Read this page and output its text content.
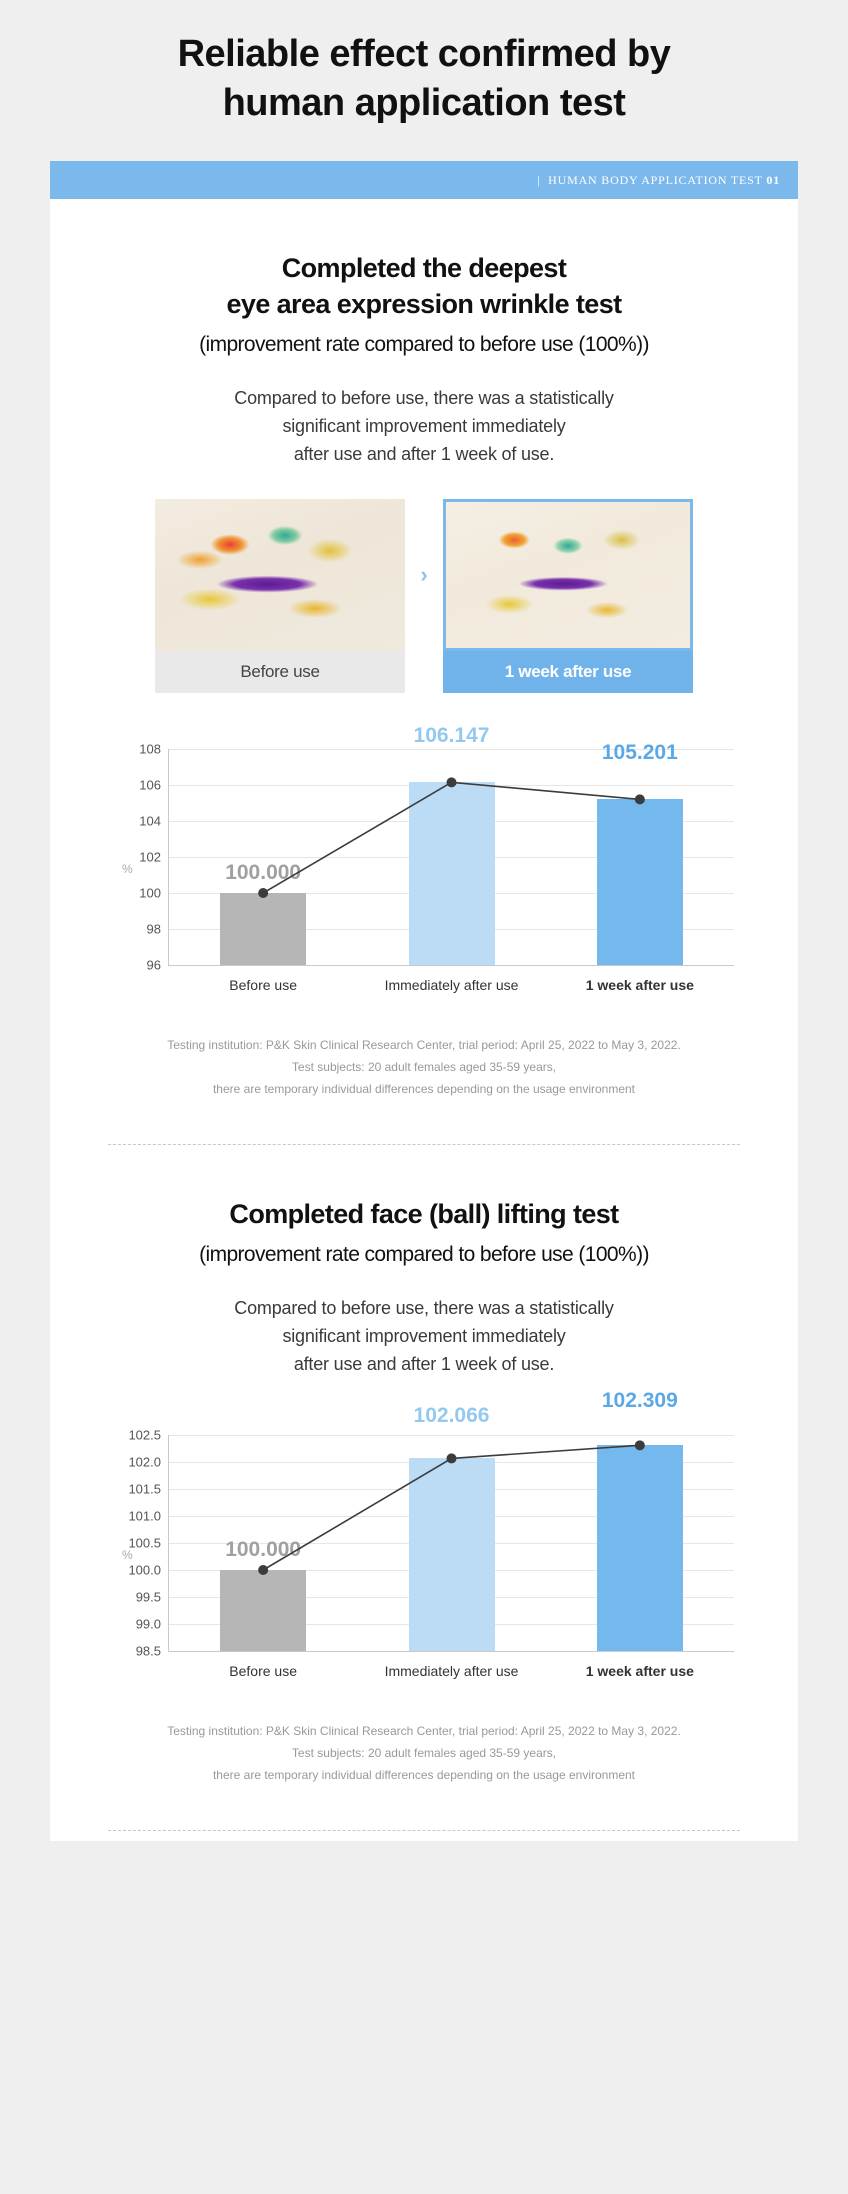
Reliable effect confirmed by
human application test
| HUMAN BODY APPLICATION TEST 01
Completed the deepest
eye area expression wrinkle test
(improvement rate compared to before use (100%))
Compared to before use, there was a statistically
significant improvement immediately
after use and after 1 week of use.
Before use
›
1 week after use
%
96
98
100
102
104
106
108
100.000
Before use
106.147
Immediately after use
105.201
1 week after use
Testing institution: P&K Skin Clinical Research Center, trial period: April 25, 2022 to May 3, 2022.
Test subjects: 20 adult females aged 35-59 years,
there are temporary individual differences depending on the usage environment
Completed face (ball) lifting test
(improvement rate compared to before use (100%))
Compared to before use, there was a statistically
significant improvement immediately
after use and after 1 week of use.
%
98.5
99.0
99.5
100.0
100.5
101.0
101.5
102.0
102.5
100.000
Before use
102.066
Immediately after use
102.309
1 week after use
Testing institution: P&K Skin Clinical Research Center, trial period: April 25, 2022 to May 3, 2022.
Test subjects: 20 adult females aged 35-59 years,
there are temporary individual differences depending on the usage environment
